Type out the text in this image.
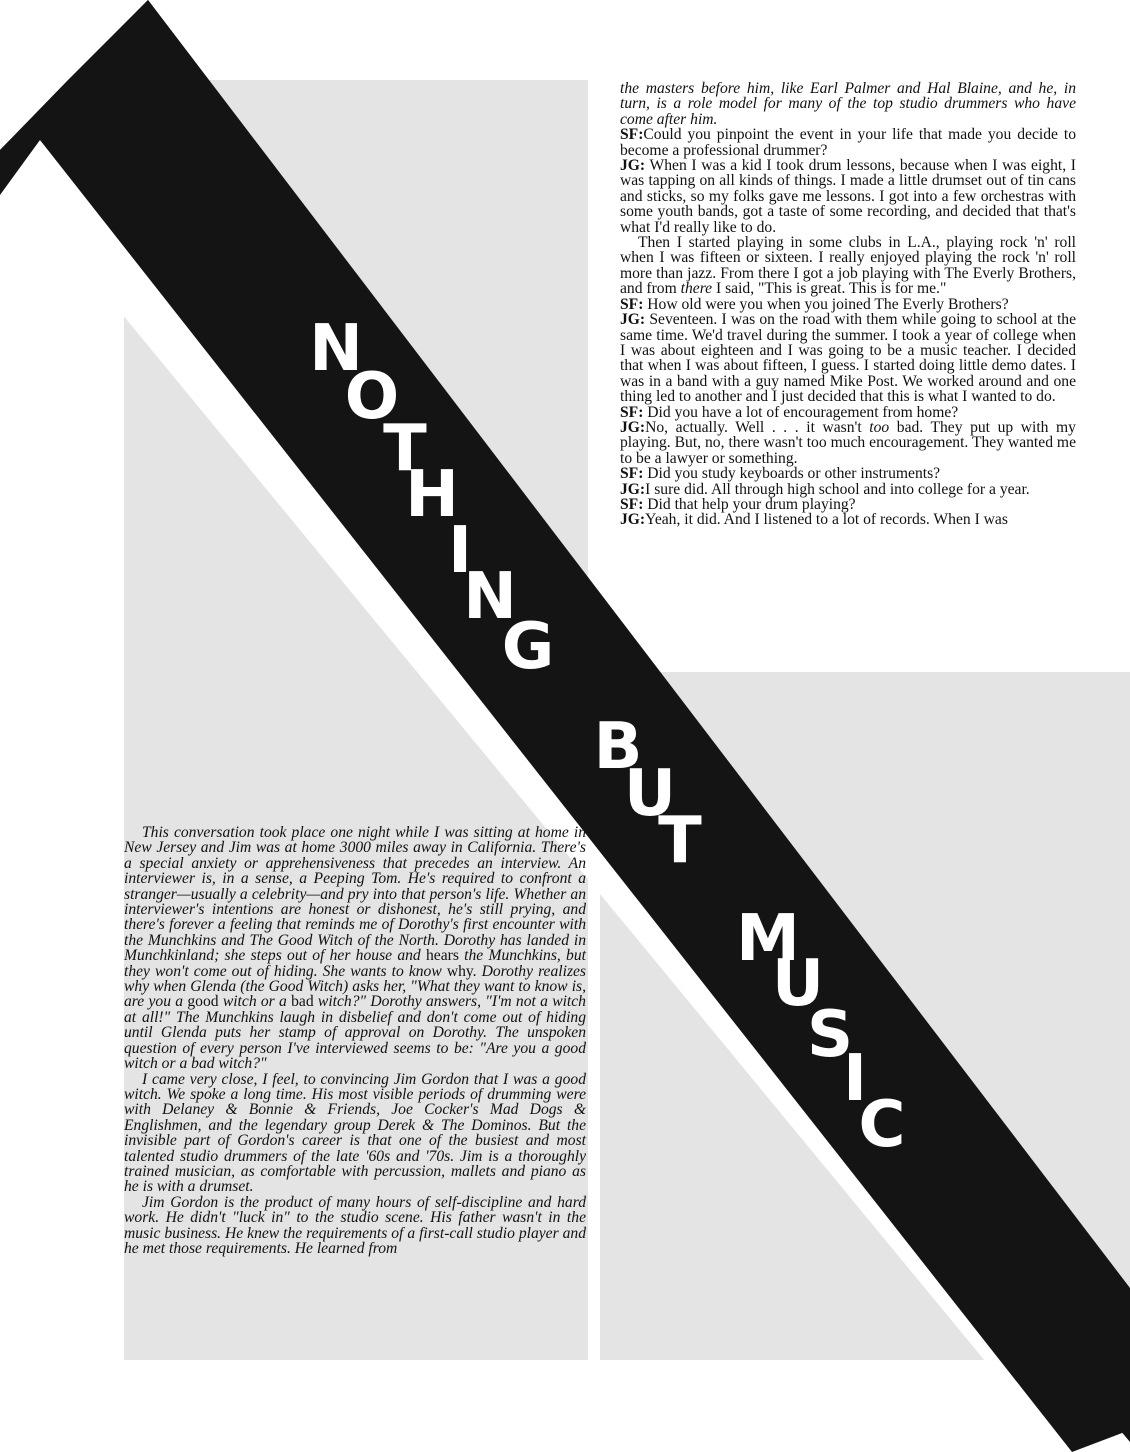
N
O
T
H
I
N
G
B
U
T
M
U
S
I
C

the masters before him, like Earl Palmer and Hal Blaine, and he, in turn, is a role model for many of the top studio drummers who have come after him.

SF:Could you pinpoint the event in your life that made you decide to become a professional drummer?

JG: When I was a kid I took drum lessons, because when I was eight, I was tapping on all kinds of things. I made a little drumset out of tin cans and sticks, so my folks gave me lessons. I got into a few orchestras with some youth bands, got a taste of some recording, and decided that that's what I'd really like to do.

Then I started playing in some clubs in L.A., playing rock 'n' roll when I was fifteen or sixteen. I really enjoyed playing the rock 'n' roll more than jazz. From there I got a job playing with The Everly Brothers, and from there I said, "This is great. This is for me."

SF: How old were you when you joined The Everly Brothers?

JG: Seventeen. I was on the road with them while going to school at the same time. We'd travel during the summer. I took a year of college when I was about eighteen and I was going to be a music teacher. I decided that when I was about fifteen, I guess. I started doing little demo dates. I was in a band with a guy named Mike Post. We worked around and one thing led to another and I just decided that this is what I wanted to do.

SF: Did you have a lot of encouragement from home?

JG:No, actually. Well . . . it wasn't too bad. They put up with my playing. But, no, there wasn't too much encouragement. They wanted me to be a lawyer or something.

SF: Did you study keyboards or other instruments?

JG:I sure did. All through high school and into college for a year.

SF: Did that help your drum playing?

JG:Yeah, it did. And I listened to a lot of records. When I was

This conversation took place one night while I was sitting at home in New Jersey and Jim was at home 3000 miles away in California. There's a special anxiety or apprehensiveness that precedes an interview. An interviewer is, in a sense, a Peeping Tom. He's required to confront a stranger—usually a celebrity—and pry into that person's life. Whether an interviewer's intentions are honest or dishonest, he's still prying, and there's forever a feeling that reminds me of Dorothy's first encounter with the Munchkins and The Good Witch of the North. Dorothy has landed in Munchkinland; she steps out of her house and hears the Munchkins, but they won't come out of hiding. She wants to know why. Dorothy realizes why when Glenda (the Good Witch) asks her, "What they want to know is, are you a good witch or a bad witch?" Dorothy answers, "I'm not a witch at all!" The Munchkins laugh in disbelief and don't come out of hiding until Glenda puts her stamp of approval on Dorothy. The unspoken question of every person I've interviewed seems to be: "Are you a good witch or a bad witch?"

I came very close, I feel, to convincing Jim Gordon that I was a good witch. We spoke a long time. His most visible periods of drumming were with Delaney & Bonnie & Friends, Joe Cocker's Mad Dogs & Englishmen, and the legendary group Derek & The Dominos. But the invisible part of Gordon's career is that one of the busiest and most talented studio drummers of the late '60s and '70s. Jim is a thoroughly trained musician, as comfortable with percussion, mallets and piano as he is with a drumset.

Jim Gordon is the product of many hours of self-discipline and hard work. He didn't "luck in" to the studio scene. His father wasn't in the music business. He knew the requirements of a first-call studio player and he met those requirements. He learned from
